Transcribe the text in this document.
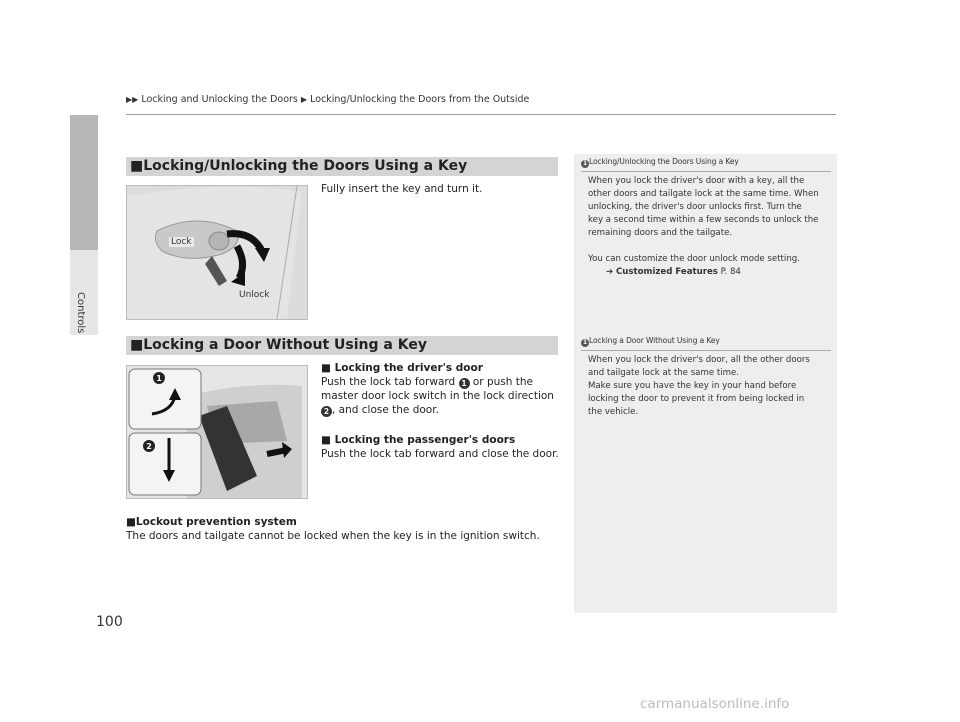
Controls
▶▶ Locking and Unlocking the Doors ▶ Locking/Unlocking the Doors from the Outside
■Locking/Unlocking the Doors Using a Key
Lock
Unlock
Fully insert the key and turn it.
■Locking a Door Without Using a Key
1
2
■ Locking the driver's door
Push the lock tab forward 1 or push the
master door lock switch in the lock direction
2 , and close the door.
■ Locking the passenger's doors
Push the lock tab forward and close the door.
■Lockout prevention system
The doors and tailgate cannot be locked when the key is in the ignition switch.
1 Locking/Unlocking the Doors Using a Key
When you lock the driver's door with a key, all the
other doors and tailgate lock at the same time. When
unlocking, the driver's door unlocks first. Turn the
key a second time within a few seconds to unlock the
remaining doors and the tailgate.
You can customize the door unlock mode setting.
➔ Customized Features P. 84
1 Locking a Door Without Using a Key
When you lock the driver's door, all the other doors
and tailgate lock at the same time.
Make sure you have the key in your hand before
locking the door to prevent it from being locked in
the vehicle.
100
carmanualsonline.info
